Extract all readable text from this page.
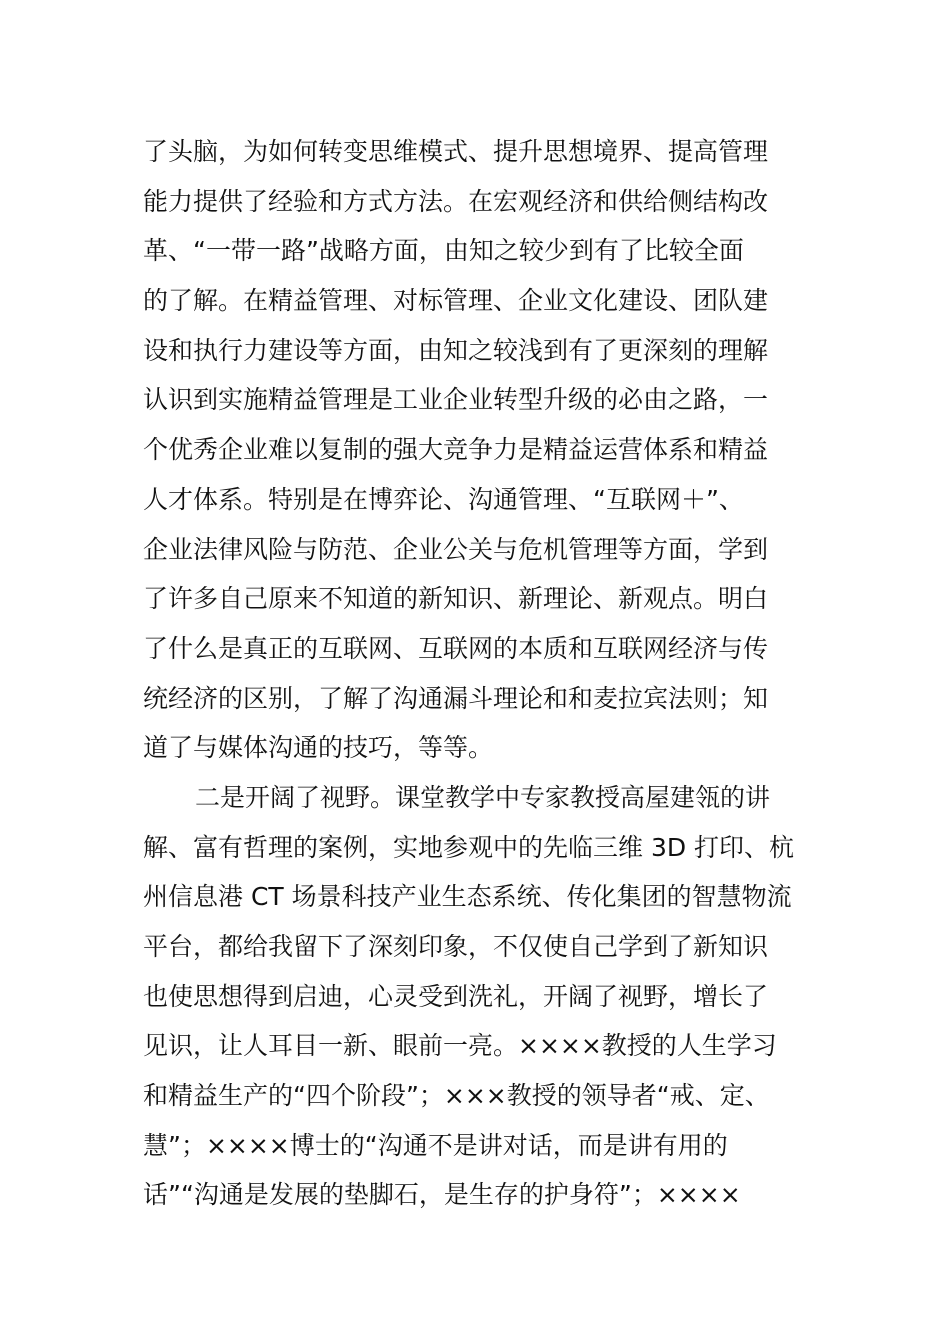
了头脑，为如何转变思维模式、提升思想境界、提高管理
能力提供了经验和方式方法。在宏观经济和供给侧结构改
革、“一带一路”战略方面，由知之较少到有了比较全面
的了解。在精益管理、对标管理、企业文化建设、团队建
设和执行力建设等方面，由知之较浅到有了更深刻的理解
认识到实施精益管理是工业企业转型升级的必由之路，一
个优秀企业难以复制的强大竞争力是精益运营体系和精益
人才体系。特别是在博弈论、沟通管理、“互联网＋”、
企业法律风险与防范、企业公关与危机管理等方面，学到
了许多自己原来不知道的新知识、新理论、新观点。明白
了什么是真正的互联网、互联网的本质和互联网经济与传
统经济的区别，了解了沟通漏斗理论和和麦拉宾法则；知
道了与媒体沟通的技巧，等等。
二是开阔了视野。课堂教学中专家教授高屋建瓴的讲
解、富有哲理的案例，实地参观中的先临三维 3D 打印、杭
州信息港 CT 场景科技产业生态系统、传化集团的智慧物流
平台，都给我留下了深刻印象，不仅使自己学到了新知识
也使思想得到启迪，心灵受到洗礼，开阔了视野，增长了
见识，让人耳目一新、眼前一亮。××××教授的人生学习
和精益生产的“四个阶段”；×××教授的领导者“戒、定、
慧”；××××博士的“沟通不是讲对话，而是讲有用的
话”“沟通是发展的垫脚石，是生存的护身符”；××××
